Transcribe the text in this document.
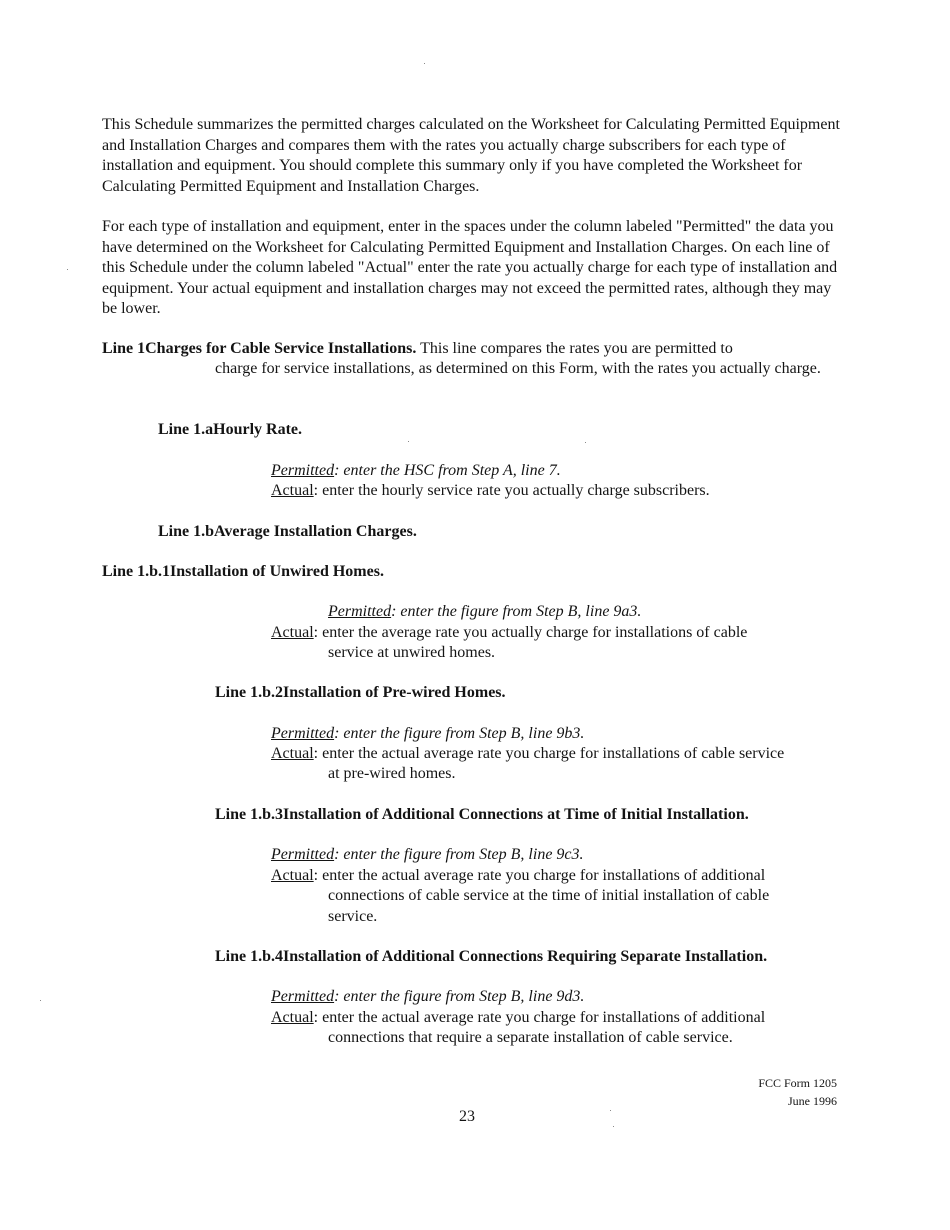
This Schedule summarizes the permitted charges calculated on the Worksheet for Calculating Permitted Equipment and Installation Charges and compares them with the rates you actually charge subscribers for each type of installation and equipment. You should complete this summary only if you have completed the Worksheet for Calculating Permitted Equipment and Installation Charges.

For each type of installation and equipment, enter in the spaces under the column labeled "Permitted" the data you have determined on the Worksheet for Calculating Permitted Equipment and Installation Charges. On each line of this Schedule under the column labeled "Actual" enter the rate you actually charge for each type of installation and equipment. Your actual equipment and installation charges may not exceed the permitted rates, although they may be lower.

Line 1Charges for Cable Service Installations. This line compares the rates you are permitted to

charge for service installations, as determined on this Form, with the rates you actually charge.

Line 1.aHourly Rate.

Permitted: enter the HSC from Step A, line 7.

Actual: enter the hourly service rate you actually charge subscribers.

Line 1.bAverage Installation Charges.

Line 1.b.1Installation of Unwired Homes.

Permitted: enter the figure from Step B, line 9a3.

Actual: enter the average rate you actually charge for installations of cable

service at unwired homes.

Line 1.b.2Installation of Pre-wired Homes.

Permitted: enter the figure from Step B, line 9b3.

Actual: enter the actual average rate you charge for installations of cable service

at pre-wired homes.

Line 1.b.3Installation of Additional Connections at Time of Initial Installation.

Permitted: enter the figure from Step B, line 9c3.

Actual: enter the actual average rate you charge for installations of additional

connections of cable service at the time of initial installation of cable service.

Line 1.b.4Installation of Additional Connections Requiring Separate Installation.

Permitted: enter the figure from Step B, line 9d3.

Actual: enter the actual average rate you charge for installations of additional

connections that require a separate installation of cable service.

FCC Form 1205
June 1996
23
